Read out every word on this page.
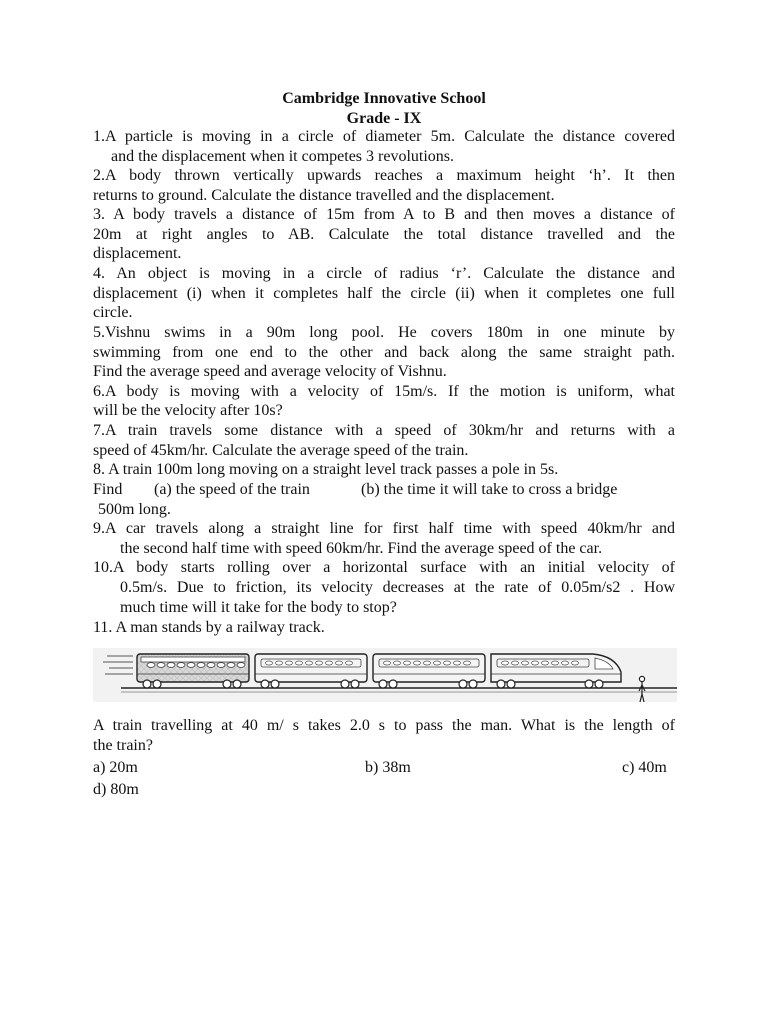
Cambridge Innovative School
Grade - IX
1.A particle is moving in a circle of diameter 5m. Calculate the distance covered
and the displacement when it competes 3 revolutions.
2.A body thrown vertically upwards reaches a maximum height ‘h’. It then
returns to ground. Calculate the distance travelled and the displacement.
3. A body travels a distance of 15m from A to B and then moves a distance of
20m at right angles to AB. Calculate the total distance travelled and the
displacement.
4. An object is moving in a circle of radius ‘r’. Calculate the distance and
displacement (i) when it completes half the circle (ii) when it completes one full
circle.
5.Vishnu swims in a 90m long pool. He covers 180m in one minute by
swimming from one end to the other and back along the same straight path.
Find the average speed and average velocity of Vishnu.
6.A body is moving with a velocity of 15m/s. If the motion is uniform, what
will be the velocity after 10s?
7.A train travels some distance with a speed of 30km/hr and returns with a
speed of 45km/hr. Calculate the average speed of the train.
8. A train 100m long moving on a straight level track passes a pole in 5s.
Find (a) the speed of the train	(b) the time it will take to cross a bridge
500m long.
9.A car travels along a straight line for first half time with speed 40km/hr and
the second half time with speed 60km/hr. Find the average speed of the car.
10.A body starts rolling over a horizontal surface with an initial velocity of
0.5m/s. Due to friction, its velocity decreases at the rate of 0.05m/s2 . How
much time will it take for the body to stop?
11. A man stands by a railway track.
A train travelling at 40 m/ s takes 2.0 s to pass the man. What is the length of
the train?
a) 20m	b) 38m	c) 40m
d) 80m
